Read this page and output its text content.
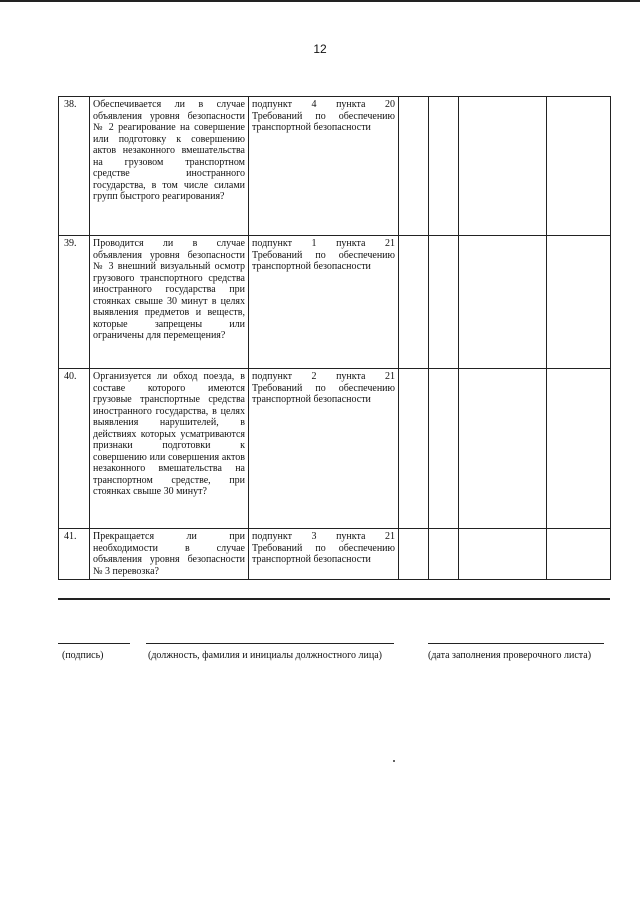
12
38.	Обеспечивается ли в случае объявления уровня безопасности № 2 реагирование на совершение или подготовку к совершению актов незаконного вмешательства на грузовом транспортном средстве иностранного государства, в том числе силами групп быстрого реагирования?	подпункт 4 пункта 20 Требований по обеспечению транспортной безопасности				
39.	Проводится ли в случае объявления уровня безопасности № 3 внешний визуальный осмотр грузового транспортного средства иностранного государства при стоянках свыше 30 минут в целях выявления предметов и веществ, которые запрещены или ограничены для перемещения?	подпункт 1 пункта 21 Требований по обеспечению транспортной безопасности				
40.	Организуется ли обход поезда, в составе которого имеются грузовые транспортные средства иностранного государства, в целях выявления нарушителей, в действиях которых усматриваются признаки подготовки к совершению или совершения актов незаконного вмешательства на транспортном средстве, при стоянках свыше 30 минут?	подпункт 2 пункта 21 Требований по обеспечению транспортной безопасности				
41.	Прекращается ли при необходимости в случае объявления уровня безопасности № 3 перевозка?	подпункт 3 пункта 21 Требований по обеспечению транспортной безопасности				
(подпись)	(должность, фамилия и инициалы должностного лица)	(дата заполнения проверочного листа)
